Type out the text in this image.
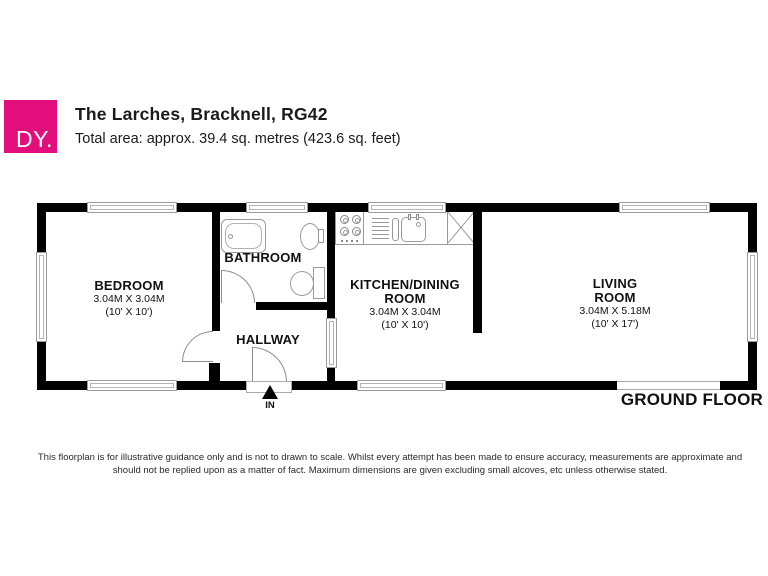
DY.
The Larches, Bracknell, RG42
Total area: approx. 39.4 sq. metres (423.6 sq. feet)
BEDROOM
3.04M X 3.04M
(10' X 10')
BATHROOM
HALLWAY
KITCHEN/DINING ROOM
3.04M X 3.04M
(10' X 10')
LIVING ROOM
3.04M X 5.18M
(10' X 17')
IN	GROUND FLOOR
This floorplan is for illustrative guidance only and is not to drawn to scale. Whilst every attempt has been made to ensure accuracy, measurements are approximate and should not be replied upon as a matter of fact. Maximum dimensions are given excluding small alcoves, etc unless otherwise stated.
